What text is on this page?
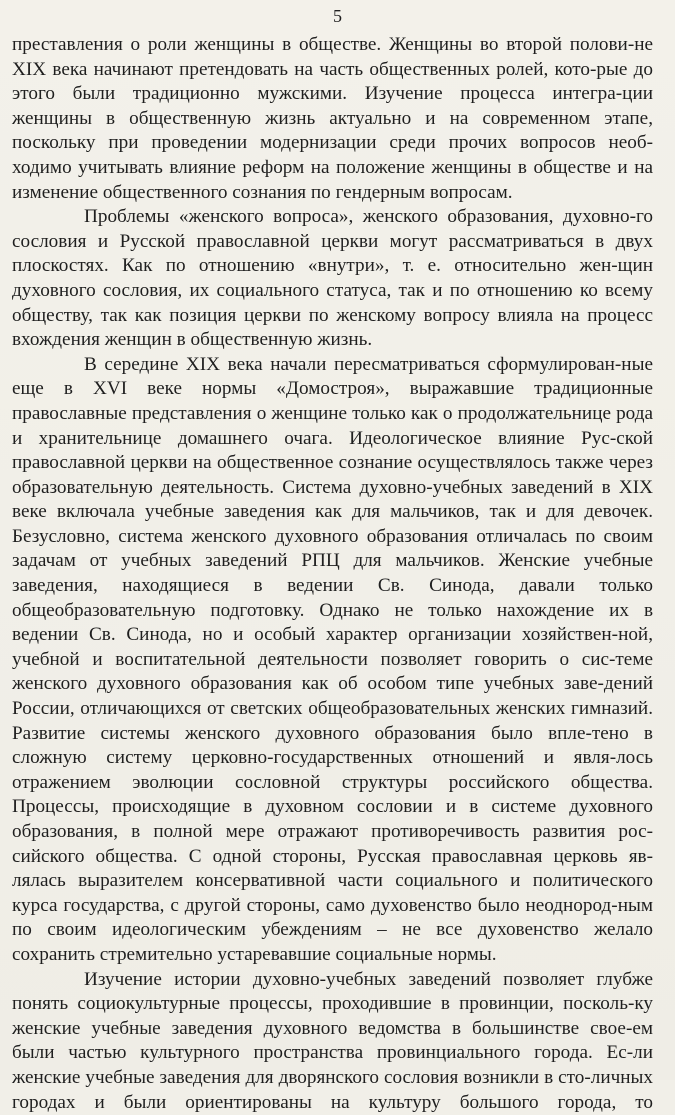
5

преставления о роли женщины в обществе. Женщины во второй полови-не XIX века начинают претендовать на часть общественных ролей, кото-рые до этого были традиционно мужскими. Изучение процесса интегра-ции женщины в общественную жизнь актуально и на современном этапе, поскольку при проведении модернизации среди прочих вопросов необ-ходимо учитывать влияние реформ на положение женщины в обществе и на изменение общественного сознания по гендерным вопросам.

Проблемы «женского вопроса», женского образования, духовно-го сословия и Русской православной церкви могут рассматриваться в двух плоскостях. Как по отношению «внутри», т. е. относительно жен-щин духовного сословия, их социального статуса, так и по отношению ко всему обществу, так как позиция церкви по женскому вопросу влияла на процесс вхождения женщин в общественную жизнь.

В середине XIX века начали пересматриваться сформулирован-ные еще в XVI веке нормы «Домостроя», выражавшие традиционные православные представления о женщине только как о продолжательнице рода и хранительнице домашнего очага. Идеологическое влияние Рус-ской православной церкви на общественное сознание осуществлялось также через образовательную деятельность. Система духовно-учебных заведений в XIX веке включала учебные заведения как для мальчиков, так и для девочек. Безусловно, система женского духовного образования отличалась по своим задачам от учебных заведений РПЦ для мальчиков. Женские учебные заведения, находящиеся в ведении Св. Синода, давали только общеобразовательную подготовку. Однако не только нахождение их в ведении Св. Синода, но и особый характер организации хозяйствен-ной, учебной и воспитательной деятельности позволяет говорить о сис-теме женского духовного образования как об особом типе учебных заве-дений России, отличающихся от светских общеобразовательных женских гимназий. Развитие системы женского духовного образования было вплe-тено в сложную систему церковно-государственных отношений и явля-лось отражением эволюции сословной структуры российского общества. Процессы, происходящие в духовном сословии и в системе духовного образования, в полной мере отражают противоречивость развития рос-сийского общества. С одной стороны, Русская православная церковь яв-лялась выразителем консервативной части социального и политического курса государства, с другой стороны, само духовенство было неоднород-ным по своим идеологическим убеждениям – не все духовенство желало сохранить стремительно устаревавшие социальные нормы.

Изучение истории духовно-учебных заведений позволяет глубже понять социокультурные процессы, проходившие в провинции, посколь-ку женские учебные заведения духовного ведомства в большинстве свое-ем были частью культурного пространства провинциального города. Ес-ли женские учебные заведения для дворянского сословия возникли в сто-личных городах и были ориентированы на культуру большого города, то
